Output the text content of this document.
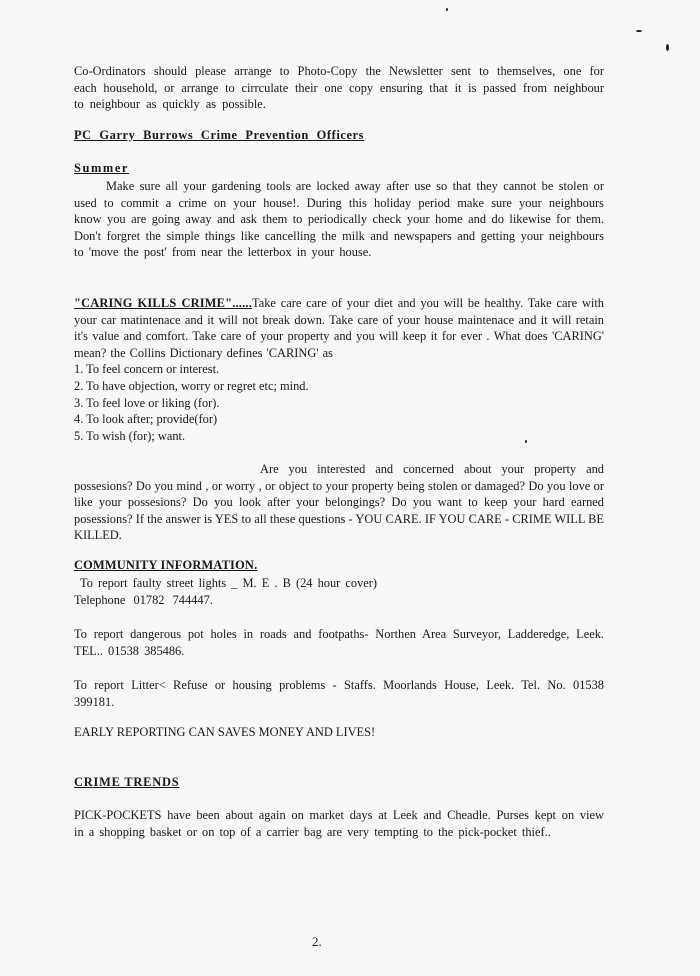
Co-Ordinators should please arrange to Photo-Copy the Newsletter sent to themselves, one for each household, or arrange to cirrculate their one copy ensuring that it is passed from neighbour to neighbour as quickly as possible.

PC Garry Burrows Crime Prevention Officers
Summer

Make sure all your gardening tools are locked away after use so that they cannot be stolen or used to commit a crime on your house!. During this holiday period make sure your neighbours know you are going away and ask them to periodically check your home and do likewise for them. Don't forgret the simple things like cancelling the milk and newspapers and getting your neighbours to 'move the post' from near the letterbox in your house.

"CARING KILLS CRIME"......Take care care of your diet and you will be healthy. Take care with your car matintenace and it will not break down. Take care of your house maintenace and it will retain it's value and comfort. Take care of your property and you will keep it for ever . What does 'CARING' mean? the Collins Dictionary defines 'CARING' as

1. To feel concern or interest.
2. To have objection, worry or regret etc; mind.
3. To feel love or liking (for).
4. To look after; provide(for)
5. To wish (for); want.

Are you interested and concerned about your property and possesions? Do you mind , or worry , or object to your property being stolen or damaged? Do you love or like your possesions? Do you look after your belongings? Do you want to keep your hard earned posessions? If the answer is YES to all these questions - YOU CARE. IF YOU CARE - CRIME WILL BE KILLED.

COMMUNITY INFORMATION.

To report faulty street lights _ M. E . B (24 hour cover)

Telephone 01782 744447.

To report dangerous pot holes in roads and footpaths- Northen Area Surveyor, Ladderedge, Leek. TEL.. 01538 385486.

To report Litter< Refuse or housing problems - Staffs. Moorlands House, Leek. Tel. No. 01538 399181.

EARLY REPORTING CAN SAVES MONEY AND LIVES!

CRIME TRENDS

PICK-POCKETS have been about again on market days at Leek and Cheadle. Purses kept on view in a shopping basket or on top of a carrier bag are very tempting to the pick-pocket thief..

2.
